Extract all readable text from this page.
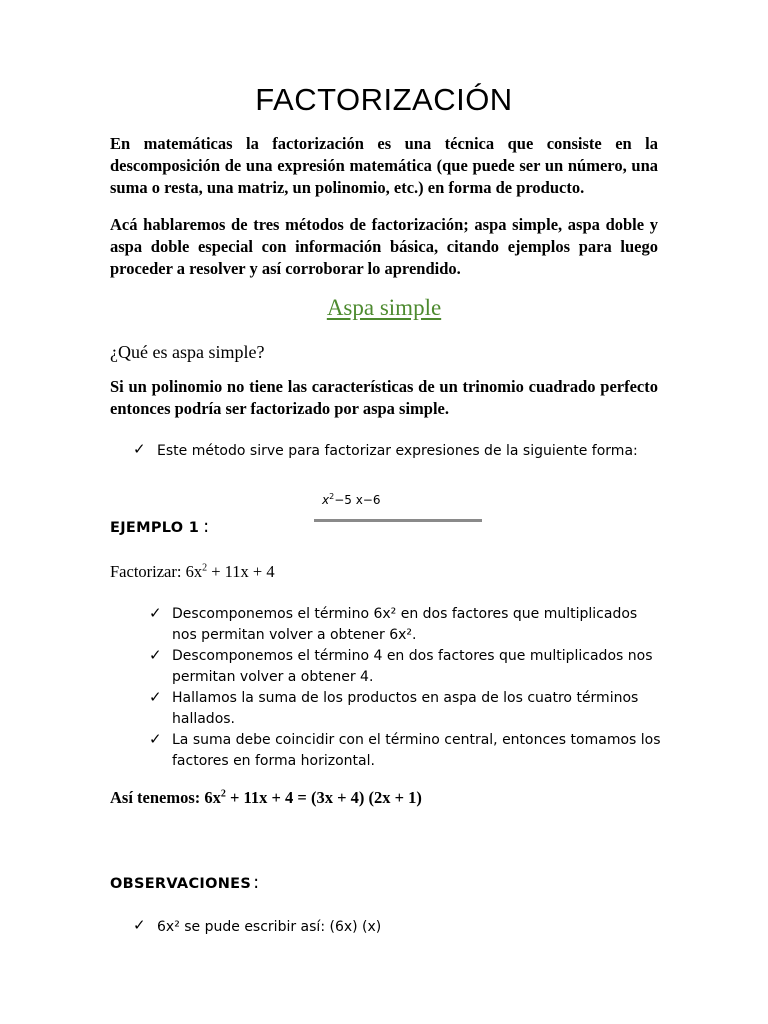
FACTORIZACIÓN

En matemáticas la factorización es una técnica que consiste en la descomposición de una expresión matemática (que puede ser un número, una suma o resta, una matriz, un polinomio, etc.) en forma de producto.

Acá hablaremos de tres métodos de factorización; aspa simple, aspa doble y aspa doble especial con información básica, citando ejemplos para luego proceder a resolver y así corroborar lo aprendido.

Aspa simple
¿Qué es aspa simple?

Si un polinomio no tiene las características de un trinomio cuadrado perfecto entonces podría ser factorizado por aspa simple.

✓ Este método sirve para factorizar expresiones de la siguiente forma:
$x^2-5$ x−6
EJEMPLO 1 :
Factorizar: $6x^2 + 11x + 4$
✓ Descomponemos el término 6x² en dos factores que multiplicados nos permitan volver a obtener 6x².
✓ Descomponemos el término 4 en dos factores que multiplicados nos permitan volver a obtener 4.
✓ Hallamos la suma de los productos en aspa de los cuatro términos hallados.
✓ La suma debe coincidir con el término central, entonces tomamos los factores en forma horizontal.
Así tenemos: $6x^2 + 11x + 4 = (3x + 4) (2x + 1)$
OBSERVACIONES :
✓ 6x² se pude escribir así: (6x) (x)
